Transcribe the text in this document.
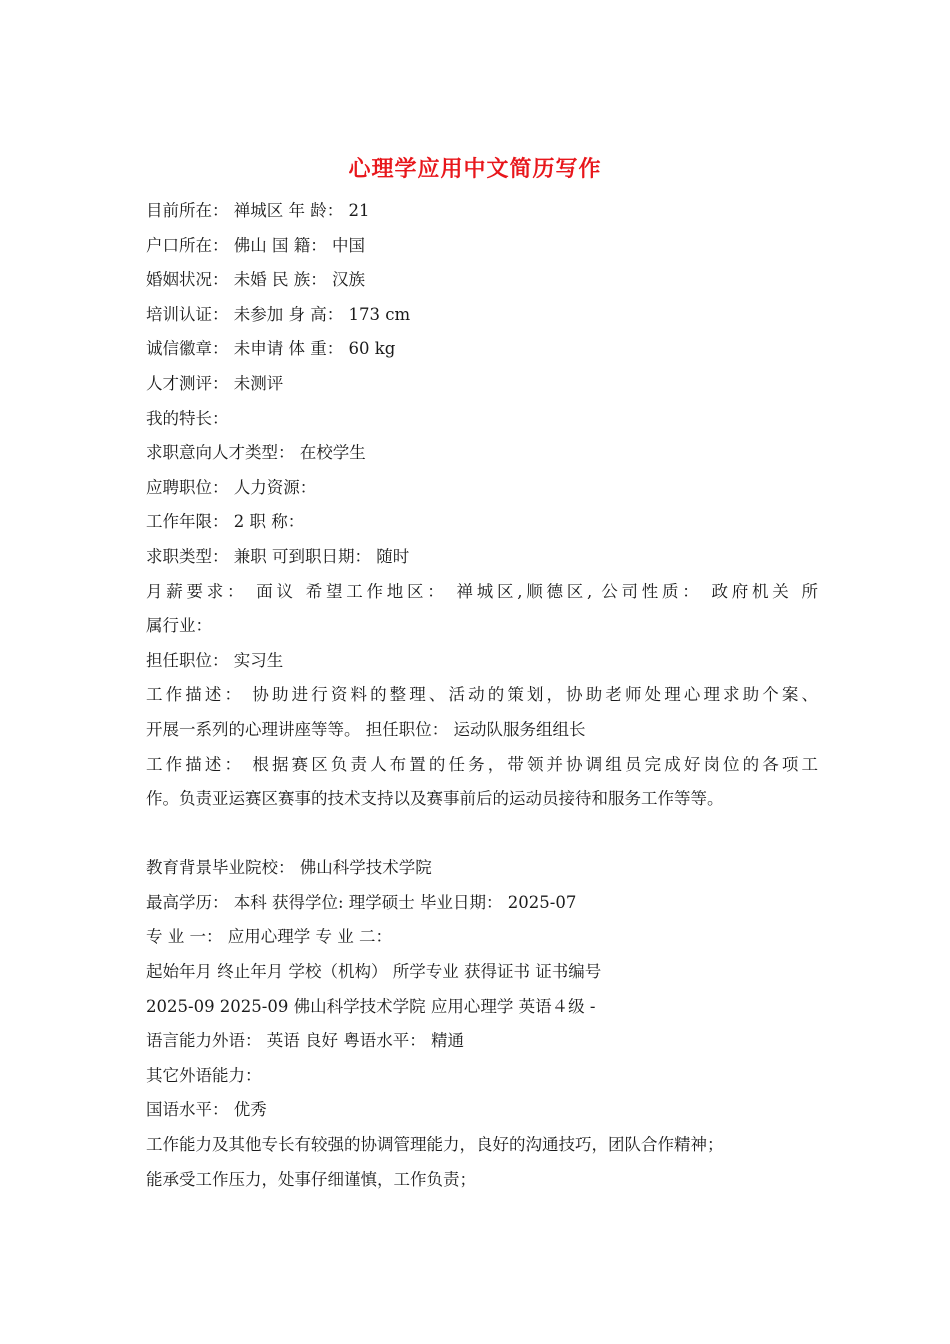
心理学应用中文简历写作
目前所在： 禅城区 年 龄： 21
户口所在： 佛山 国 籍： 中国
婚姻状况： 未婚 民 族： 汉族
培训认证： 未参加 身 高： 173 cm
诚信徽章： 未申请 体 重： 60 kg
人才测评： 未测评
我的特长：
求职意向人才类型： 在校学生
应聘职位： 人力资源：
工作年限： 2 职 称：
求职类型： 兼职 可到职日期： 随时
月薪要求： 面议 希望工作地区： 禅城区,顺德区, 公司性质： 政府机关 所
属行业：
担任职位： 实习生
工作描述： 协助进行资料的整理、活动的策划，协助老师处理心理求助个案、
开展一系列的心理讲座等等。 担任职位： 运动队服务组组长
工作描述： 根据赛区负责人布置的任务，带领并协调组员完成好岗位的各项工
作。负责亚运赛区赛事的技术支持以及赛事前后的运动员接待和服务工作等等。
教育背景毕业院校： 佛山科学技术学院
最高学历： 本科 获得学位: 理学硕士 毕业日期： 2025-07
专 业 一： 应用心理学 专 业 二：
起始年月 终止年月 学校（机构） 所学专业 获得证书 证书编号
2025-09 2025-09 佛山科学技术学院 应用心理学 英语４级 -
语言能力外语： 英语 良好 粤语水平： 精通
其它外语能力：
国语水平： 优秀
工作能力及其他专长有较强的协调管理能力，良好的沟通技巧，团队合作精神；
能承受工作压力，处事仔细谨慎，工作负责；
